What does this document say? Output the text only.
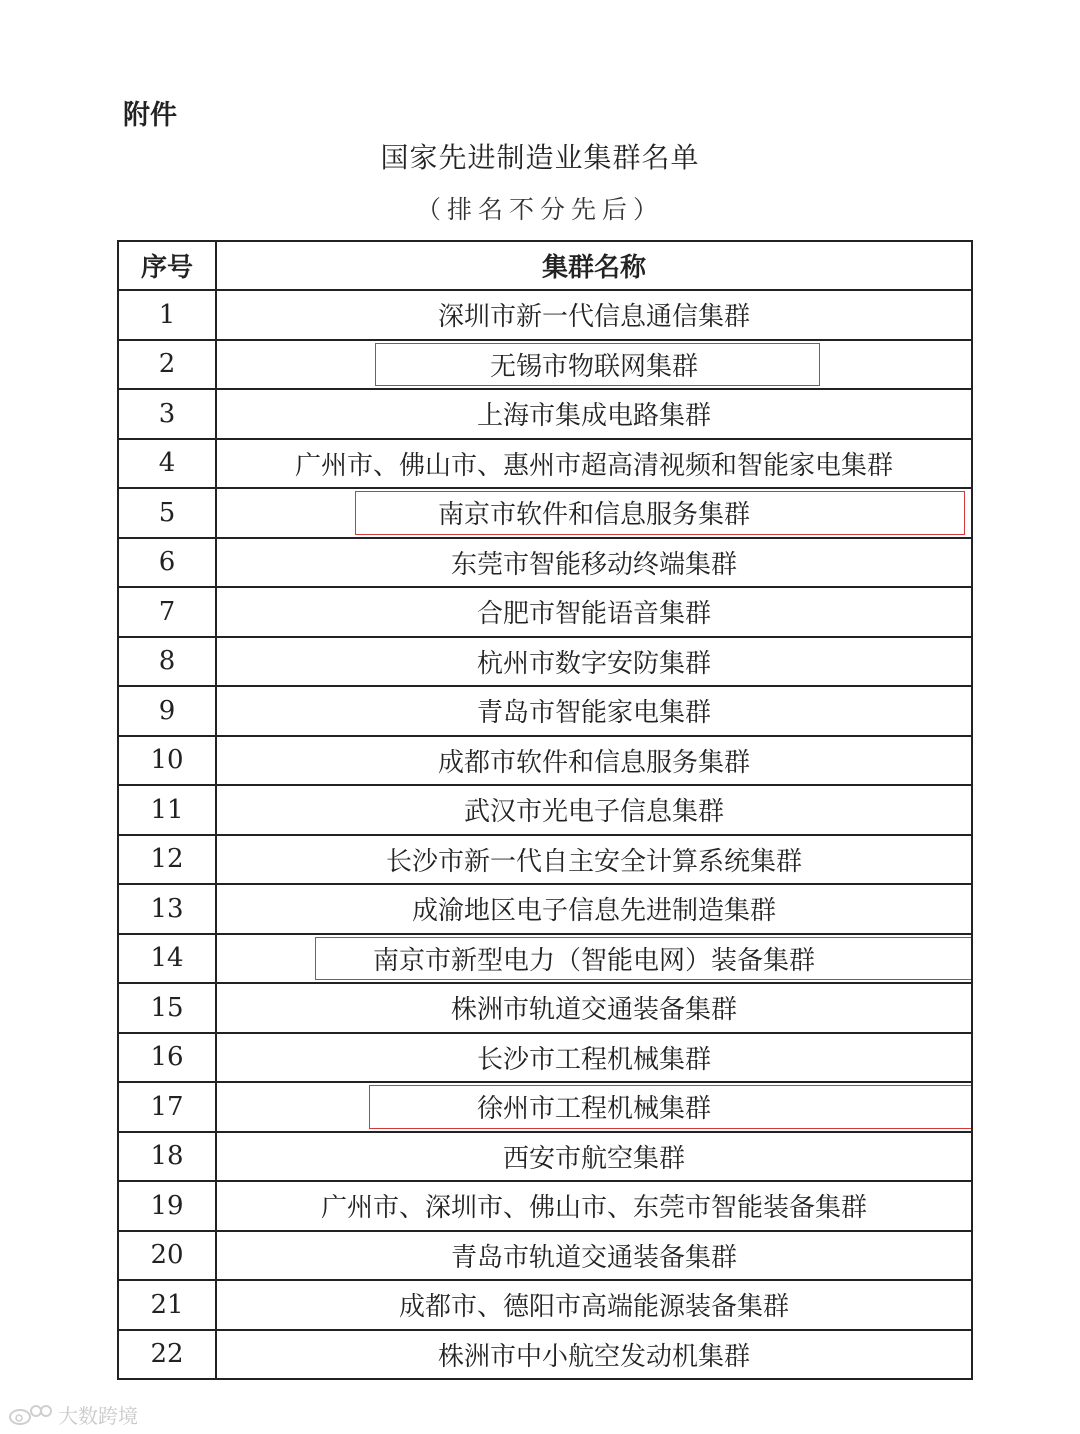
附件
国家先进制造业集群名单
（排名不分先后）
序号	集群名称
1	深圳市新一代信息通信集群
2	无锡市物联网集群

3	上海市集成电路集群
4	广州市、佛山市、惠州市超高清视频和智能家电集群
5	南京市软件和信息服务集群

6	东莞市智能移动终端集群
7	合肥市智能语音集群
8	杭州市数字安防集群
9	青岛市智能家电集群
10	成都市软件和信息服务集群
11	武汉市光电子信息集群
12	长沙市新一代自主安全计算系统集群
13	成渝地区电子信息先进制造集群
14	南京市新型电力（智能电网）装备集群

15	株洲市轨道交通装备集群
16	长沙市工程机械集群
17	徐州市工程机械集群

18	西安市航空集群
19	广州市、深圳市、佛山市、东莞市智能装备集群
20	青岛市轨道交通装备集群
21	成都市、德阳市高端能源装备集群
22	株洲市中小航空发动机集群
大数跨境
